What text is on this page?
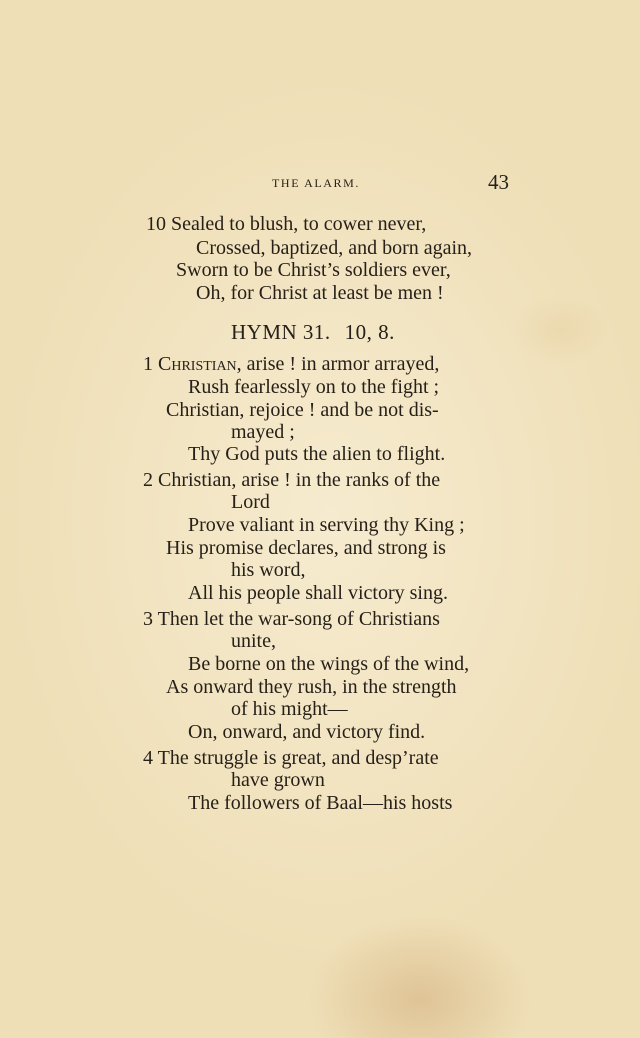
THE ALARM.	43
10 Sealed to blush, to cower never,
Crossed, baptized, and born again,
Sworn to be Christ’s soldiers ever,
Oh, for Christ at least be men !
HYMN 31. 10, 8.
1 Christian, arise ! in armor arrayed,
Rush fearlessly on to the fight ;
Christian, rejoice ! and be not dis-
mayed ;
Thy God puts the alien to flight.
2 Christian, arise ! in the ranks of the
Lord
Prove valiant in serving thy King ;
His promise declares, and strong is
his word,
All his people shall victory sing.
3 Then let the war-song of Christians
unite,
Be borne on the wings of the wind,
As onward they rush, in the strength
of his might—
On, onward, and victory find.
4 The struggle is great, and desp’rate
have grown
The followers of Baal—his hosts
